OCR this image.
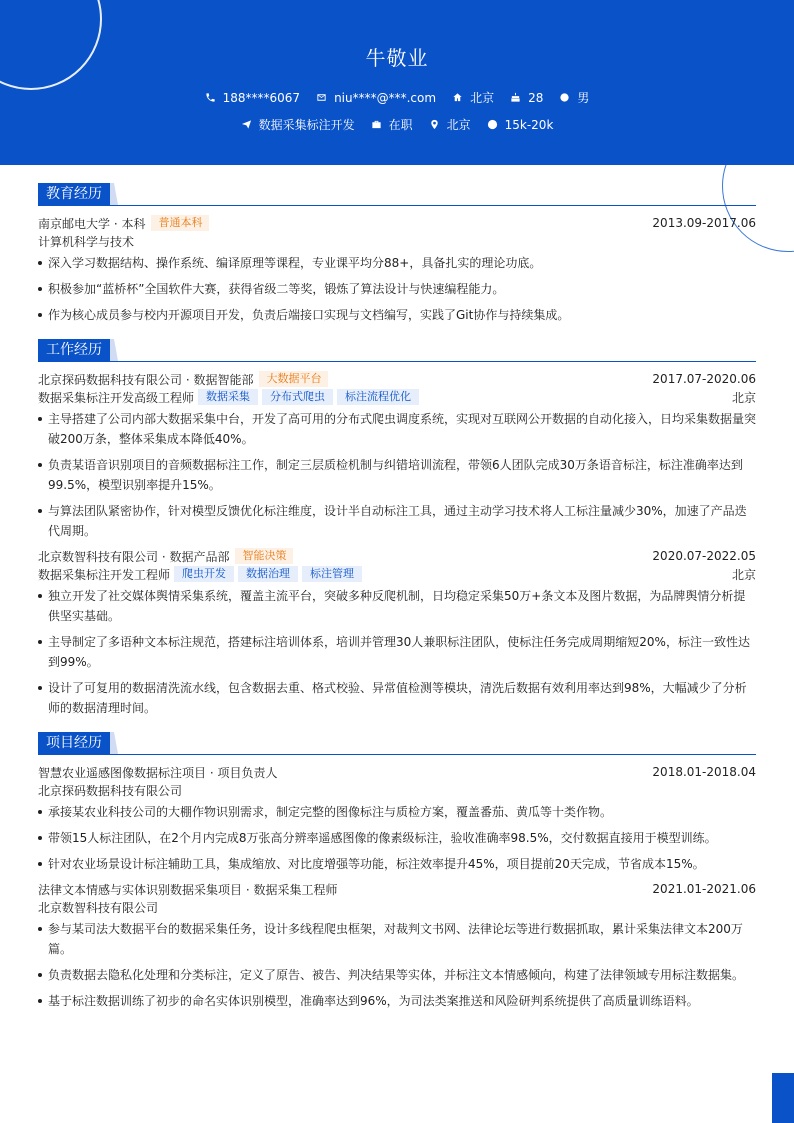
牛敬业
188****6067	niu****@***.com	北京	28	男
数据采集标注开发	在职	北京	15k-20k
教育经历
南京邮电大学 · 本科	普通本科	2013.09-2017.06
计算机科学与技术
深入学习数据结构、操作系统、编译原理等课程，专业课平均分88+，具备扎实的理论功底。
积极参加“蓝桥杯”全国软件大赛，获得省级二等奖，锻炼了算法设计与快速编程能力。
作为核心成员参与校内开源项目开发，负责后端接口实现与文档编写，实践了Git协作与持续集成。
工作经历
北京探码数据科技有限公司 · 数据智能部	大数据平台	2017.07-2020.06
数据采集标注开发高级工程师	数据采集	分布式爬虫	标注流程优化	北京
主导搭建了公司内部大数据采集中台，开发了高可用的分布式爬虫调度系统，实现对互联网公开数据的自动化接入，日均采集数据量突破200万条，整体采集成本降低40%。
负责某语音识别项目的音频数据标注工作，制定三层质检机制与纠错培训流程，带领6人团队完成30万条语音标注，标注准确率达到99.5%，模型识别率提升15%。
与算法团队紧密协作，针对模型反馈优化标注维度，设计半自动标注工具，通过主动学习技术将人工标注量减少30%，加速了产品迭代周期。
北京数智科技有限公司 · 数据产品部	智能决策	2020.07-2022.05
数据采集标注开发工程师	爬虫开发	数据治理	标注管理	北京
独立开发了社交媒体舆情采集系统，覆盖主流平台，突破多种反爬机制，日均稳定采集50万+条文本及图片数据，为品牌舆情分析提供坚实基础。
主导制定了多语种文本标注规范，搭建标注培训体系，培训并管理30人兼职标注团队，使标注任务完成周期缩短20%，标注一致性达到99%。
设计了可复用的数据清洗流水线，包含数据去重、格式校验、异常值检测等模块，清洗后数据有效利用率达到98%，大幅减少了分析师的数据清理时间。
项目经历
智慧农业遥感图像数据标注项目 · 项目负责人	2018.01-2018.04
北京探码数据科技有限公司
承接某农业科技公司的大棚作物识别需求，制定完整的图像标注与质检方案，覆盖番茄、黄瓜等十类作物。
带领15人标注团队，在2个月内完成8万张高分辨率遥感图像的像素级标注，验收准确率98.5%，交付数据直接用于模型训练。
针对农业场景设计标注辅助工具，集成缩放、对比度增强等功能，标注效率提升45%，项目提前20天完成，节省成本15%。
法律文本情感与实体识别数据采集项目 · 数据采集工程师	2021.01-2021.06
北京数智科技有限公司
参与某司法大数据平台的数据采集任务，设计多线程爬虫框架，对裁判文书网、法律论坛等进行数据抓取，累计采集法律文本200万篇。
负责数据去隐私化处理和分类标注，定义了原告、被告、判决结果等实体，并标注文本情感倾向，构建了法律领域专用标注数据集。
基于标注数据训练了初步的命名实体识别模型，准确率达到96%，为司法类案推送和风险研判系统提供了高质量训练语料。
